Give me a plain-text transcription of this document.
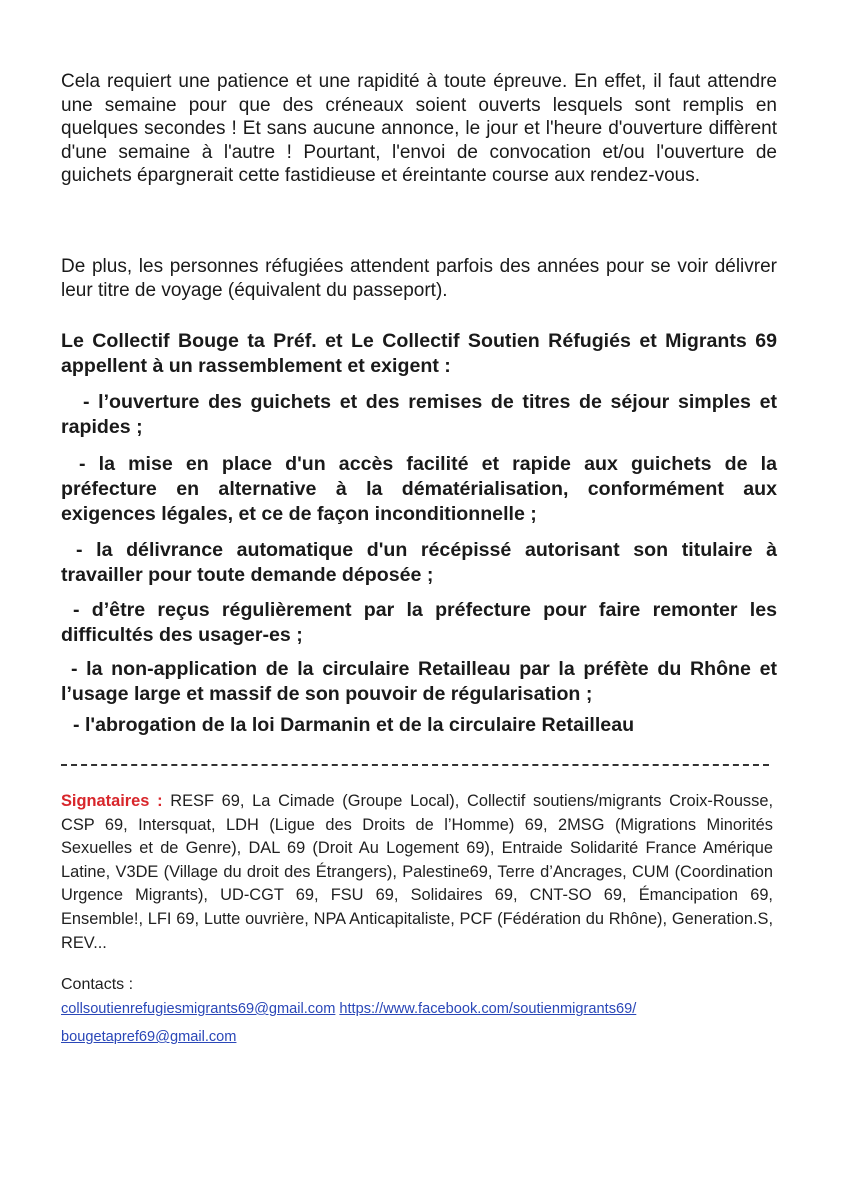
Cela requiert une patience et une rapidité à toute épreuve. En effet, il faut attendre une semaine pour que des créneaux soient ouverts lesquels sont remplis en quelques secondes ! Et sans aucune annonce, le jour et l'heure d'ouverture diffèrent d'une semaine à l'autre ! Pourtant, l'envoi de convocation et/ou l'ouverture de guichets épargnerait cette fastidieuse et éreintante course aux rendez-vous.

De plus, les personnes réfugiées attendent parfois des années pour se voir délivrer leur titre de voyage (équivalent du passeport).

Le Collectif Bouge ta Préf. et Le Collectif Soutien Réfugiés et Migrants 69 appellent à un rassemblement et exigent :

- l’ouverture des guichets et des remises de titres de séjour simples et rapides ;

- la mise en place d'un accès facilité et rapide aux guichets de la préfecture en alternative à la dématérialisation, conformément aux exigences légales, et ce de façon inconditionnelle ;

- la délivrance automatique d'un récépissé autorisant son titulaire à travailler pour toute demande déposée ;

- d’être reçus régulièrement par la préfecture pour faire remonter les difficultés des usager-es ;

- la non-application de la circulaire Retailleau par la préfète du Rhône et l’usage large et massif de son pouvoir de régularisation ;

- l'abrogation de la loi Darmanin et de la circulaire Retailleau

Signataires : RESF 69, La Cimade (Groupe Local), Collectif soutiens/migrants Croix-Rousse, CSP 69, Intersquat, LDH (Ligue des Droits de l’Homme) 69, 2MSG (Migrations Minorités Sexuelles et de Genre), DAL 69 (Droit Au Logement 69), Entraide Solidarité France Amérique Latine, V3DE (Village du droit des Étrangers), Palestine69, Terre d’Ancrages, CUM (Coordination Urgence Migrants), UD-CGT 69, FSU 69, Solidaires 69, CNT-SO 69, Émancipation 69, Ensemble!, LFI 69, Lutte ouvrière, NPA Anticapitaliste, PCF (Fédération du Rhône), Generation.S, REV...

Contacts :

collsoutienrefugiesmigrants69@gmail.com https://www.facebook.com/soutienmigrants69/

bougetapref69@gmail.com
